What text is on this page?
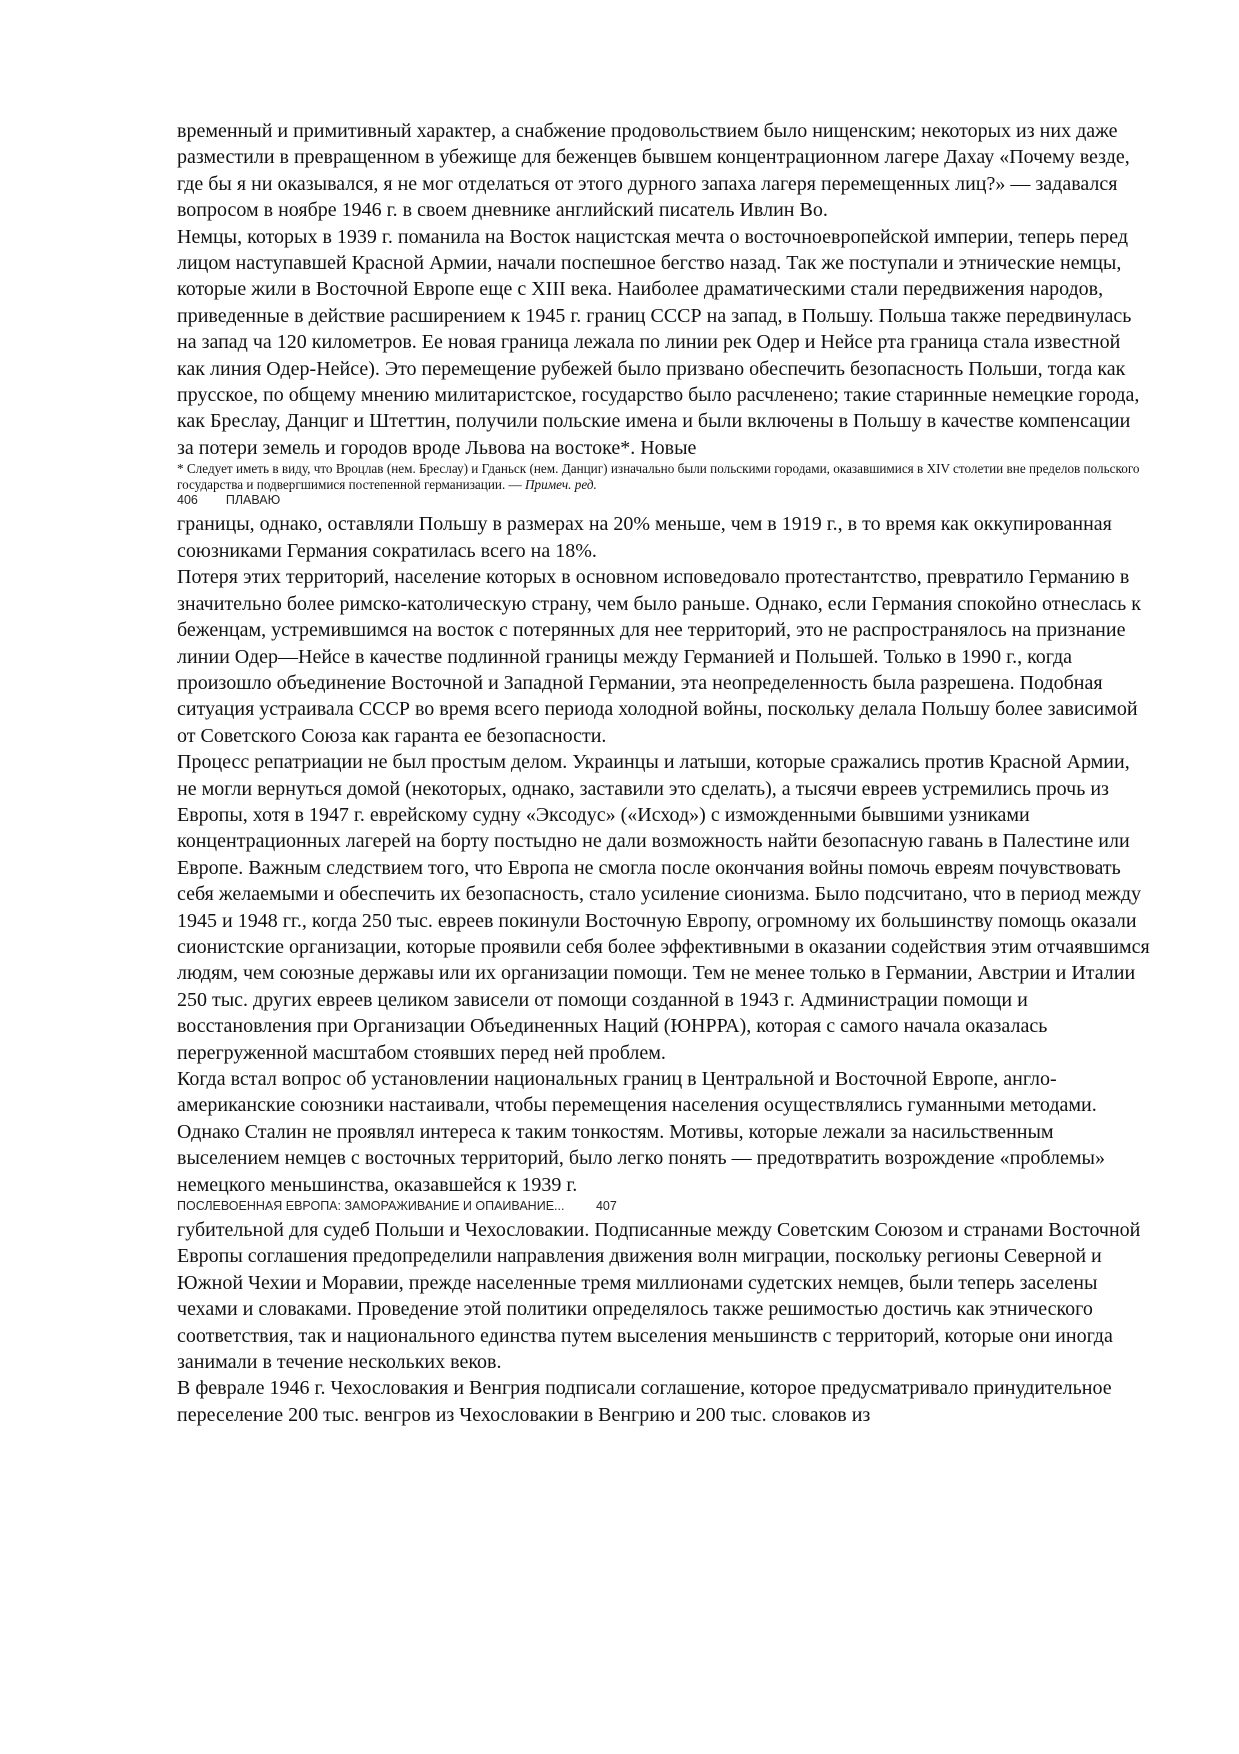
временный и примитивный характер, а снабжение продовольствием было нищенским; некоторых из них даже разместили в превращенном в убежище для беженцев бывшем концентрационном лагере Дахау «Почему везде, где бы я ни оказывался, я не мог отделаться от этого дурного запаха лагеря перемещенных лиц?» — задавался вопросом в ноябре 1946 г. в своем дневнике английский писатель Ивлин Во.

Немцы, которых в 1939 г. поманила на Восток нацистская мечта о восточноевропейской империи, теперь перед лицом наступавшей Красной Армии, начали поспешное бегство назад. Так же поступали и этнические немцы, которые жили в Восточной Европе еще с XIII века. Наиболее драматическими стали передвижения народов, приведенные в действие расширением к 1945 г. границ СССР на запад, в Польшу. Польша также передвинулась на запад ча 120 километров. Ее новая граница лежала по линии рек Одер и Нейсе рта граница стала известной как линия Одер-Нейсе). Это перемещение рубежей было призвано обеспечить безопасность Польши, тогда как прусское, по общему мнению милитаристское, государство было расчленено; такие старинные немецкие города, как Бреслау, Данциг и Штеттин, получили польские имена и были включены в Польшу в качестве компенсации за потери земель и городов вроде Львова на востоке*. Новые

* Следует иметь в виду, что Вроцлав (нем. Бреслау) и Гданьск (нем. Данциг) изначально были польскими городами, оказавшимися в XIV столетии вне пределов польского государства и подвергшимися постепенной германизации. — Примеч. ред.

406 ПЛАВАЮ

границы, однако, оставляли Польшу в размерах на 20% меньше, чем в 1919 г., в то время как оккупированная союзниками Германия сократилась всего на 18%.

Потеря этих территорий, население которых в основном исповедовало протестантство, превратило Германию в значительно более римско-католическую страну, чем было раньше. Однако, если Германия спокойно отнеслась к беженцам, устремившимся на восток с потерянных для нее территорий, это не распространялось на признание линии Одер—Нейсе в качестве подлинной границы между Германией и Польшей. Только в 1990 г., когда произошло объединение Восточной и Западной Германии, эта неопределенность была разрешена. Подобная ситуация устраивала СССР во время всего периода холодной войны, поскольку делала Польшу более зависимой от Советского Союза как гаранта ее безопасности.

Процесс репатриации не был простым делом. Украинцы и латыши, которые сражались против Красной Армии, не могли вернуться домой (некоторых, однако, заставили это сделать), а тысячи евреев устремились прочь из Европы, хотя в 1947 г. еврейскому судну «Эксодус» («Исход») с изможденными бывшими узниками концентрационных лагерей на борту постыдно не дали возможность найти безопасную гавань в Палестине или Европе. Важным следствием того, что Европа не смогла после окончания войны помочь евреям почувствовать себя желаемыми и обеспечить их безопасность, стало усиление сионизма. Было подсчитано, что в период между 1945 и 1948 гг., когда 250 тыс. евреев покинули Восточную Европу, огромному их большинству помощь оказали сионистские организации, которые проявили себя более эффективными в оказании содействия этим отчаявшимся людям, чем союзные державы или их организации помощи. Тем не менее только в Германии, Австрии и Италии 250 тыс. других евреев целиком зависели от помощи созданной в 1943 г. Администрации помощи и восстановления при Организации Объединенных Наций (ЮНРРА), которая с самого начала оказалась перегруженной масштабом стоявших перед ней проблем.

Когда встал вопрос об установлении национальных границ в Центральной и Восточной Европе, англо-американские союзники настаивали, чтобы перемещения населения осуществлялись гуманными методами. Однако Сталин не проявлял интереса к таким тонкостям. Мотивы, которые лежали за насильственным выселением немцев с восточных территорий, было легко понять — предотвратить возрождение «проблемы» немецкого меньшинства, оказавшейся к 1939 г.

ПОСЛЕВОЕННАЯ ЕВРОПА: ЗАМОРАЖИВАНИЕ И ОПАИВАНИЕ...	407

губительной для судеб Польши и Чехословакии. Подписанные между Советским Союзом и странами Восточной Европы соглашения предопределили направления движения волн миграции, поскольку регионы Северной и Южной Чехии и Моравии, прежде населенные тремя миллионами судетских немцев, были теперь заселены чехами и словаками. Проведение этой политики определялось также решимостью достичь как этнического соответствия, так и национального единства путем выселения меньшинств с территорий, которые они иногда занимали в течение нескольких веков.

В феврале 1946 г. Чехословакия и Венгрия подписали соглашение, которое предусматривало принудительное переселение 200 тыс. венгров из Чехословакии в Венгрию и 200 тыс. словаков из
